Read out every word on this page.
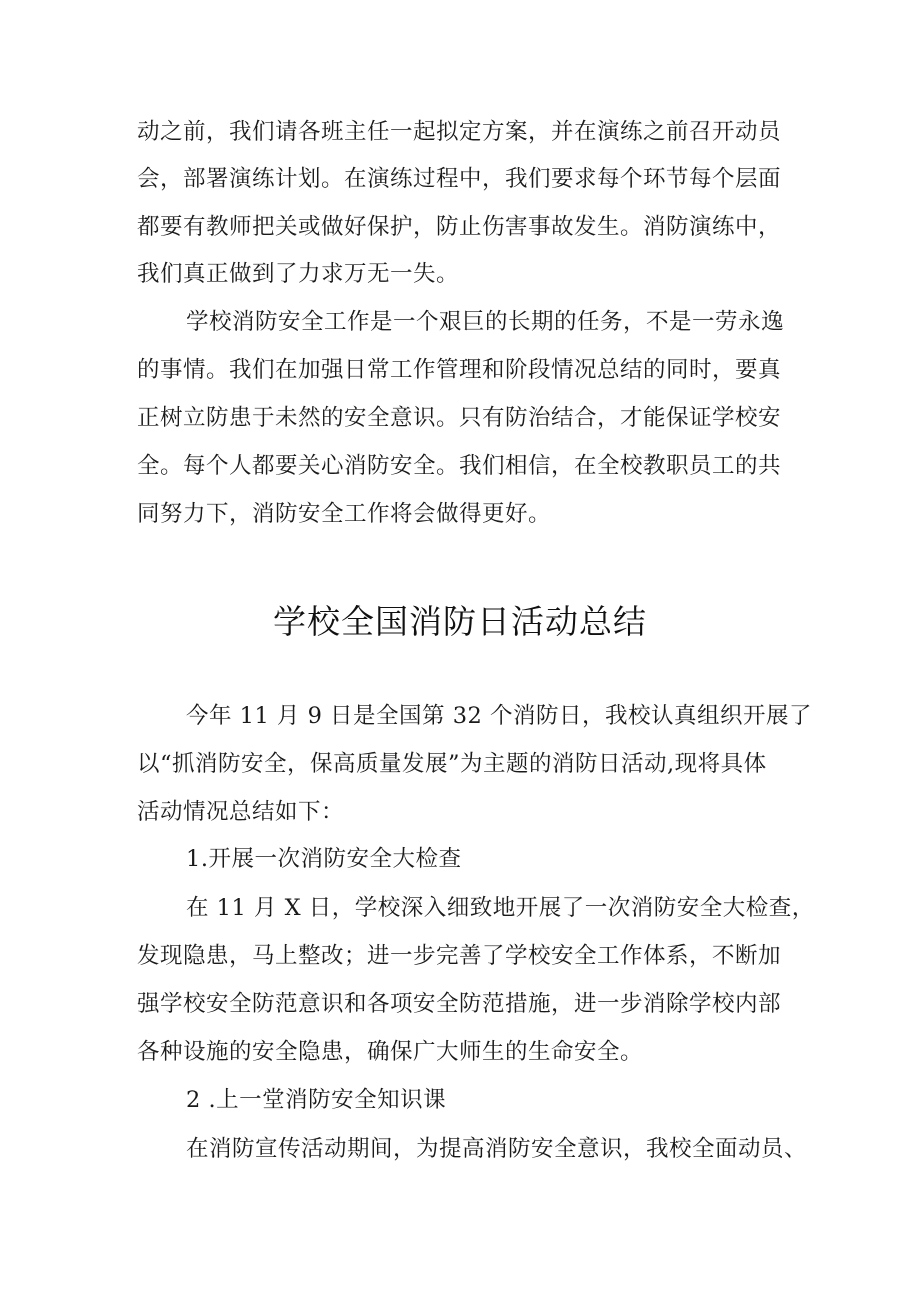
动之前，我们请各班主任一起拟定方案，并在演练之前召开动员
会，部署演练计划。在演练过程中，我们要求每个环节每个层面
都要有教师把关或做好保护，防止伤害事故发生。消防演练中，
我们真正做到了力求万无一失。
学校消防安全工作是一个艰巨的长期的任务，不是一劳永逸
的事情。我们在加强日常工作管理和阶段情况总结的同时，要真
正树立防患于未然的安全意识。只有防治结合，才能保证学校安
全。每个人都要关心消防安全。我们相信，在全校教职员工的共
同努力下，消防安全工作将会做得更好。
学校全国消防日活动总结
今年 11 月 9 日是全国第 32 个消防日，我校认真组织开展了
以“抓消防安全，保高质量发展”为主题的消防日活动,现将具体
活动情况总结如下：
1.开展一次消防安全大检查
在 11 月 X 日，学校深入细致地开展了一次消防安全大检查，
发现隐患，马上整改；进一步完善了学校安全工作体系，不断加
强学校安全防范意识和各项安全防范措施，进一步消除学校内部
各种设施的安全隐患，确保广大师生的生命安全。
2 .上一堂消防安全知识课
在消防宣传活动期间，为提高消防安全意识，我校全面动员、
